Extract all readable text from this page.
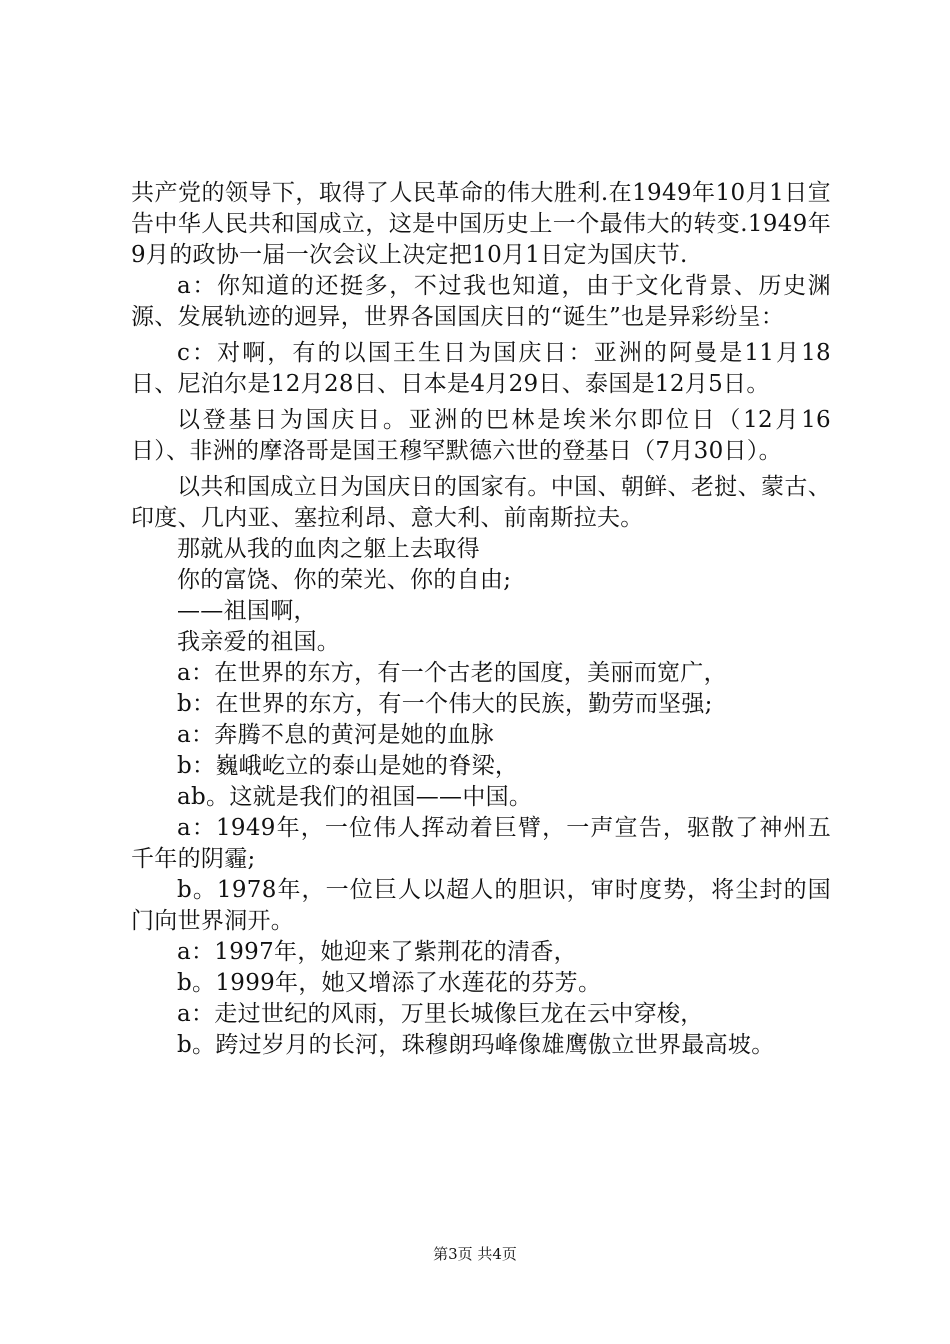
共产党的领导下，取得了人民革命的伟大胜利.在1949年10月1日宣告中华人民共和国成立，这是中国历史上一个最伟大的转变.1949年9月的政协一届一次会议上决定把10月1日定为国庆节.

a：你知道的还挺多，不过我也知道，由于文化背景、历史渊源、发展轨迹的迥异，世界各国国庆日的“诞生”也是异彩纷呈：

c：对啊，有的以国王生日为国庆日：亚洲的阿曼是11月18日、尼泊尔是12月28日、日本是4月29日、泰国是12月5日。

以登基日为国庆日。亚洲的巴林是埃米尔即位日（12月16日）、非洲的摩洛哥是国王穆罕默德六世的登基日（7月30日）。

以共和国成立日为国庆日的国家有。中国、朝鲜、老挝、蒙古、印度、几内亚、塞拉利昂、意大利、前南斯拉夫。

那就从我的血肉之躯上去取得

你的富饶、你的荣光、你的自由;

——祖国啊，

我亲爱的祖国。

a：在世界的东方，有一个古老的国度，美丽而宽广，

b：在世界的东方，有一个伟大的民族，勤劳而坚强;

a：奔腾不息的黄河是她的血脉

b：巍峨屹立的泰山是她的脊梁，

ab。这就是我们的祖国——中国。

a：1949年，一位伟人挥动着巨臂，一声宣告，驱散了神州五千年的阴霾;

b。1978年，一位巨人以超人的胆识，审时度势，将尘封的国门向世界洞开。

a：1997年，她迎来了紫荆花的清香，

b。1999年，她又增添了水莲花的芬芳。

a：走过世纪的风雨，万里长城像巨龙在云中穿梭，

b。跨过岁月的长河，珠穆朗玛峰像雄鹰傲立世界最高坡。

第3页 共4页
